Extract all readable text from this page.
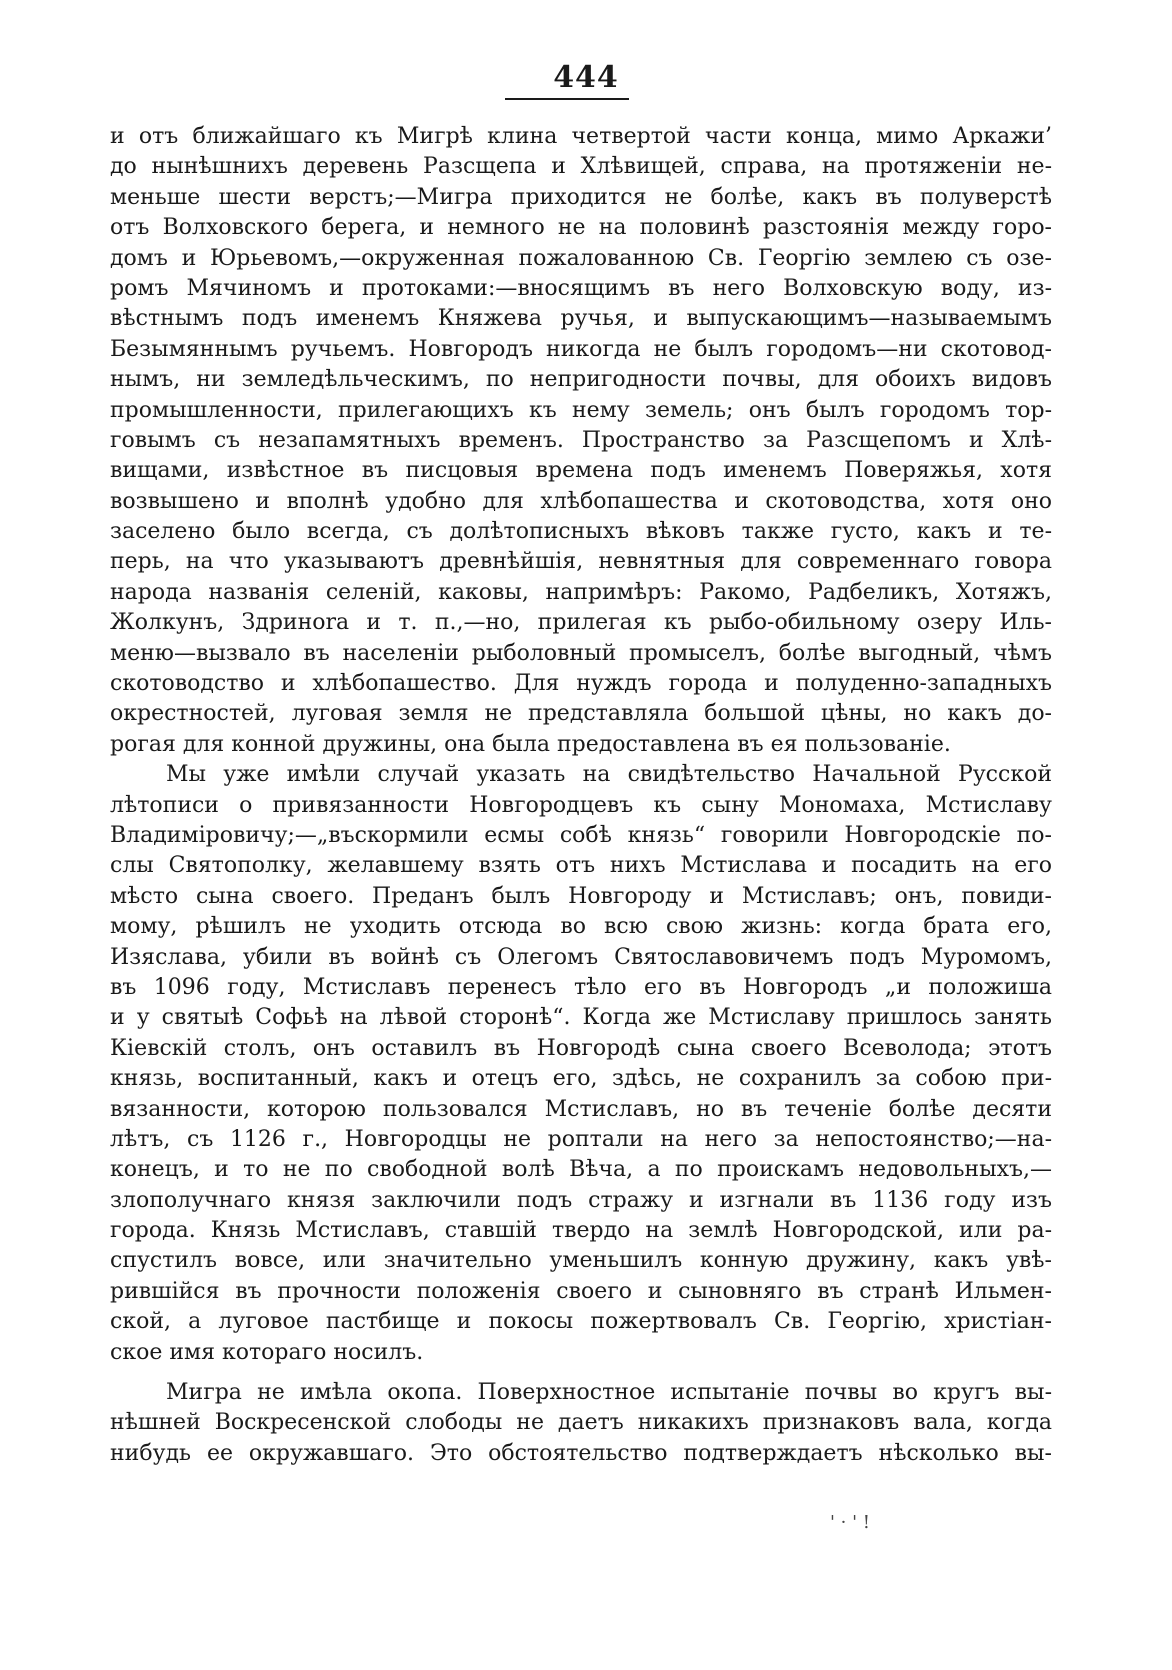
444
и отъ ближайшаго къ Мигрѣ клина четвертой части конца, мимо Аркажи’
до нынѣшнихъ деревень Разсщепа и Хлѣвищей, справа, на протяженіи не-
меньше шести верстъ;—Мигра приходится не болѣе, какъ въ полуверстѣ
отъ Волховского берега, и немного не на половинѣ разстоянія между горо-
домъ и Юрьевомъ,—окруженная пожалованною Св. Георгію землею съ озе-
ромъ Мячиномъ и протоками:—вносящимъ въ него Волховскую воду, из-
вѣстнымъ подъ именемъ Княжева ручья, и выпускающимъ—называемымъ
Безымяннымъ ручьемъ. Новгородъ никогда не былъ городомъ—ни скотовод-
нымъ, ни земледѣльческимъ, по непригодности почвы, для обоихъ видовъ
промышленности, прилегающихъ къ нему земель; онъ былъ городомъ тор-
говымъ съ незапамятныхъ временъ. Пространство за Разсщепомъ и Хлѣ-
вищами, извѣстное въ писцовыя времена подъ именемъ Поверяжья, хотя
возвышено и вполнѣ удобно для хлѣбопашества и скотоводства, хотя оно
заселено было всегда, съ долѣтописныхъ вѣковъ также густо, какъ и те-
перь, на что указываютъ древнѣйшія, невнятныя для современнаго говора
народа названія селеній, каковы, напримѣръ: Ракомо, Радбеликъ, Хотяжъ,
Жолкунъ, Здриноrа и т. п.,—но, прилегая къ рыбо-обильному озеру Иль-
меню—вызвало въ населеніи рыболовный промыселъ, болѣе выгодный, чѣмъ
скотоводство и хлѣбопашество. Для нуждъ города и полуденно-западныхъ
окрестностей, луговая земля не представляла большой цѣны, но какъ до-
рогая для конной дружины, она была предоставлена въ ея пользованіе.
Мы уже имѣли случай указать на свидѣтельство Начальной Русской
лѣтописи о привязанности Новгородцевъ къ сыну Мономаха, Мстиславу
Владиміровичу;—„въскормили есмы собѣ князь“ говорили Новгородскіе по-
слы Святополку, желавшему взять отъ нихъ Мстислава и посадить на его
мѣсто сына своего. Преданъ былъ Новгороду и Мстиславъ; онъ, повиди-
мому, рѣшилъ не уходить отсюда во всю свою жизнь: когда брата его,
Изяслава, убили въ войнѣ съ Олегомъ Святославовичемъ подъ Муромомъ,
въ 1096 году, Мстиславъ перенесъ тѣло его въ Новгородъ „и положиша
и у святыѣ Софьѣ на лѣвой сторонѣ“. Когда же Мстиславу пришлось занять
Кіевскій столъ, онъ оставилъ въ Новгородѣ сына своего Всеволода; этотъ
князь, воспитанный, какъ и отецъ его, здѣсь, не сохранилъ за собою при-
вязанности, которою пользовался Мстиславъ, но въ теченіе болѣе десяти
лѣтъ, съ 1126 г., Новгородцы не роптали на него за непостоянство;—на-
конецъ, и то не по свободной волѣ Вѣча, а по проискамъ недовольныхъ,—
злополучнаго князя заключили подъ стражу и изгнали въ 1136 году изъ
города. Князь Мстиславъ, ставшій твердо на землѣ Новгородской, или ра-
спустилъ вовсе, или значительно уменьшилъ конную дружину, какъ увѣ-
рившійся въ прочности положенія своего и сыновняго въ странѣ Ильмен-
ской, а луговое пастбище и покосы пожертвовалъ Св. Георгію, христіан-
ское имя котораго носилъ.
Мигра не имѣла окопа. Поверхностное испытаніе почвы во кругъ вы-
нѣшней Воскресенской слободы не даетъ никакихъ признаковъ вала, когда
нибудь ее окружавшаго. Это обстоятельство подтверждаетъ нѣсколько вы-
' · ' !
